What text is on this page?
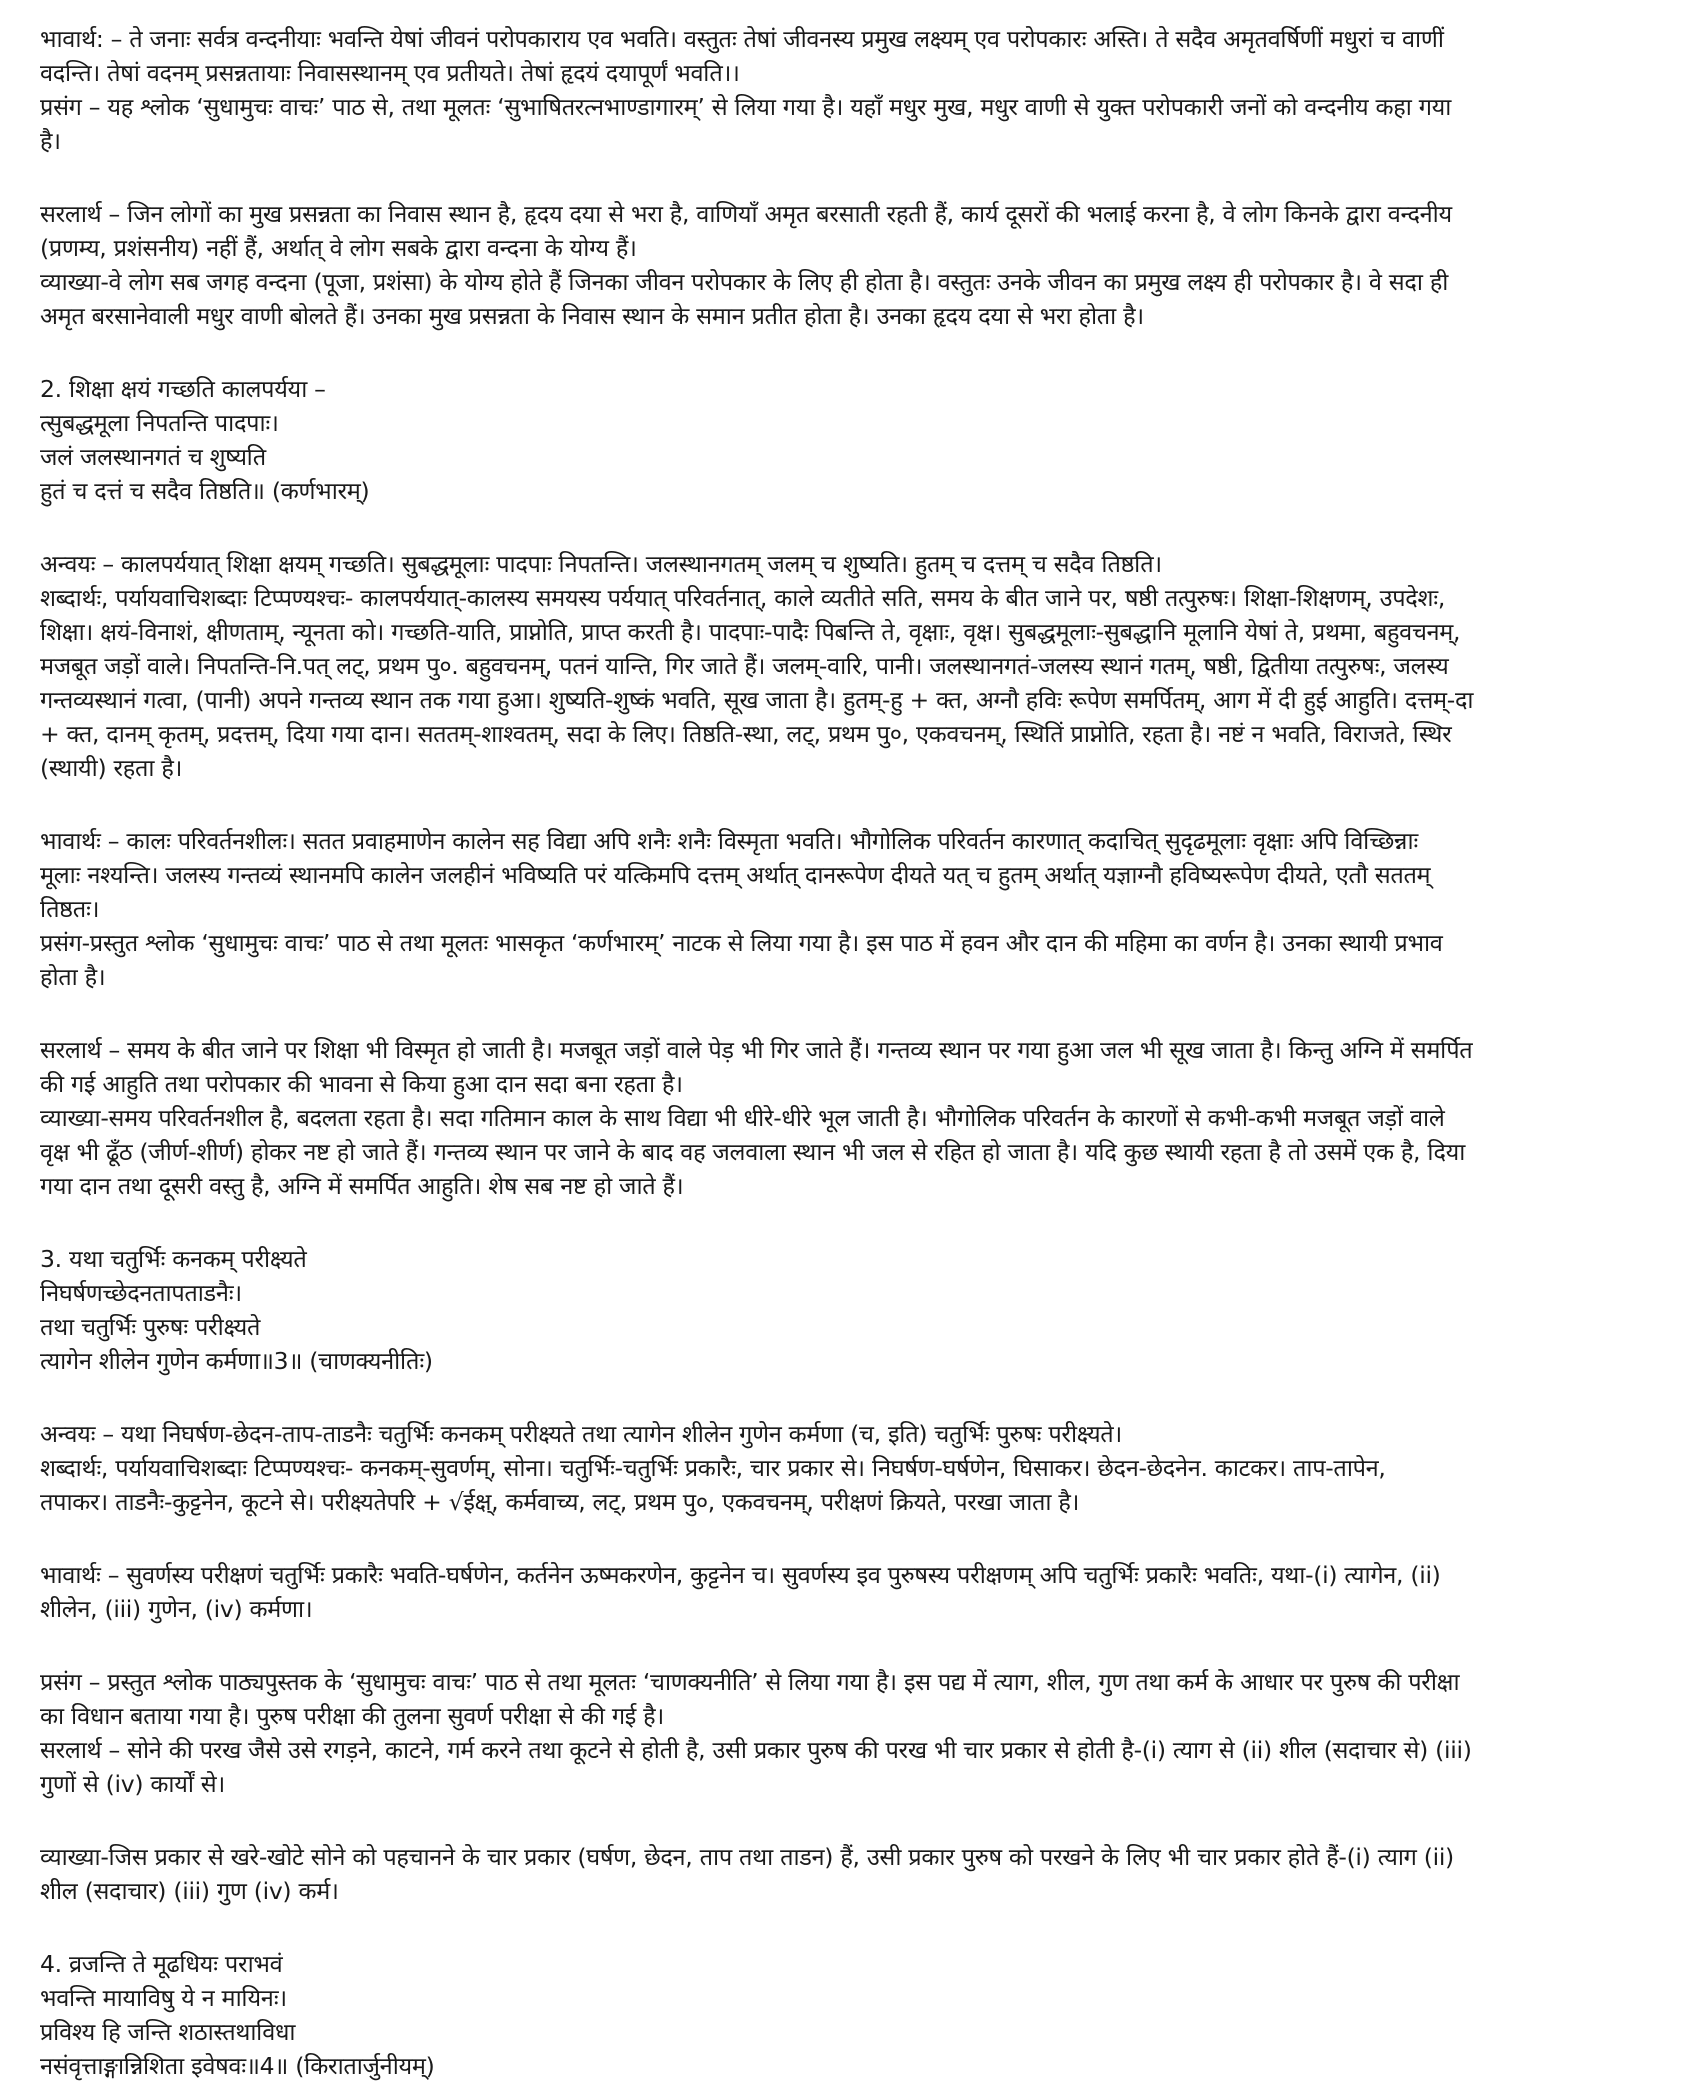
भावार्थ: – ते जनाः सर्वत्र वन्दनीयाः भवन्ति येषां जीवनं परोपकाराय एव भवति। वस्तुतः तेषां जीवनस्य प्रमुख लक्ष्यम् एव परोपकारः अस्ति। ते सदैव अमृतवर्षिणीं मधुरां च वाणीं
वदन्ति। तेषां वदनम् प्रसन्नतायाः निवासस्थानम् एव प्रतीयते। तेषां हृदयं दयापूर्णं भवति।।
प्रसंग – यह श्लोक ‘सुधामुचः वाचः’ पाठ से, तथा मूलतः ‘सुभाषितरत्नभाण्डागारम्’ से लिया गया है। यहाँ मधुर मुख, मधुर वाणी से युक्त परोपकारी जनों को वन्दनीय कहा गया
है।
सरलार्थ – जिन लोगों का मुख प्रसन्नता का निवास स्थान है, हृदय दया से भरा है, वाणियाँ अमृत बरसाती रहती हैं, कार्य दूसरों की भलाई करना है, वे लोग किनके द्वारा वन्दनीय
(प्रणम्य, प्रशंसनीय) नहीं हैं, अर्थात् वे लोग सबके द्वारा वन्दना के योग्य हैं।
व्याख्या-वे लोग सब जगह वन्दना (पूजा, प्रशंसा) के योग्य होते हैं जिनका जीवन परोपकार के लिए ही होता है। वस्तुतः उनके जीवन का प्रमुख लक्ष्य ही परोपकार है। वे सदा ही
अमृत बरसानेवाली मधुर वाणी बोलते हैं। उनका मुख प्रसन्नता के निवास स्थान के समान प्रतीत होता है। उनका हृदय दया से भरा होता है।
2. शिक्षा क्षयं गच्छति कालपर्यया –
त्सुबद्धमूला निपतन्ति पादपाः।
जलं जलस्थानगतं च शुष्यति
हुतं च दत्तं च सदैव तिष्ठति॥ (कर्णभारम्)
अन्वयः – कालपर्ययात् शिक्षा क्षयम् गच्छति। सुबद्धमूलाः पादपाः निपतन्ति। जलस्थानगतम् जलम् च शुष्यति। हुतम् च दत्तम् च सदैव तिष्ठति।
शब्दार्थः, पर्यायवाचिशब्दाः टिप्पण्यश्चः- कालपर्ययात्-कालस्य समयस्य पर्ययात् परिवर्तनात्, काले व्यतीते सति, समय के बीत जाने पर, षष्ठी तत्पुरुषः। शिक्षा-शिक्षणम्, उपदेशः,
शिक्षा। क्षयं-विनाशं, क्षीणताम्, न्यूनता को। गच्छति-याति, प्राप्नोति, प्राप्त करती है। पादपाः-पादैः पिबन्ति ते, वृक्षाः, वृक्ष। सुबद्धमूलाः-सुबद्धानि मूलानि येषां ते, प्रथमा, बहुवचनम्,
मजबूत जड़ों वाले। निपतन्ति-नि.पत् लट्, प्रथम पु०. बहुवचनम्, पतनं यान्ति, गिर जाते हैं। जलम्-वारि, पानी। जलस्थानगतं-जलस्य स्थानं गतम्, षष्ठी, द्वितीया तत्पुरुषः, जलस्य
गन्तव्यस्थानं गत्वा, (पानी) अपने गन्तव्य स्थान तक गया हुआ। शुष्यति-शुष्कं भवति, सूख जाता है। हुतम्-हु + क्त, अग्नौ हविः रूपेण समर्पितम्, आग में दी हुई आहुति। दत्तम्-दा
+ क्त, दानम् कृतम्, प्रदत्तम्, दिया गया दान। सततम्-शाश्वतम्, सदा के लिए। तिष्ठति-स्था, लट्, प्रथम पु०, एकवचनम्, स्थितिं प्राप्नोति, रहता है। नष्टं न भवति, विराजते, स्थिर
(स्थायी) रहता है।
भावार्थः – कालः परिवर्तनशीलः। सतत प्रवाहमाणेन कालेन सह विद्या अपि शनैः शनैः विस्मृता भवति। भौगोलिक परिवर्तन कारणात् कदाचित् सुदृढमूलाः वृक्षाः अपि विच्छिन्नाः
मूलाः नश्यन्ति। जलस्य गन्तव्यं स्थानमपि कालेन जलहीनं भविष्यति परं यत्किमपि दत्तम् अर्थात् दानरूपेण दीयते यत् च हुतम् अर्थात् यज्ञाग्नौ हविष्यरूपेण दीयते, एतौ सततम्
तिष्ठतः।
प्रसंग-प्रस्तुत श्लोक ‘सुधामुचः वाचः’ पाठ से तथा मूलतः भासकृत ‘कर्णभारम्’ नाटक से लिया गया है। इस पाठ में हवन और दान की महिमा का वर्णन है। उनका स्थायी प्रभाव
होता है।
सरलार्थ – समय के बीत जाने पर शिक्षा भी विस्मृत हो जाती है। मजबूत जड़ों वाले पेड़ भी गिर जाते हैं। गन्तव्य स्थान पर गया हुआ जल भी सूख जाता है। किन्तु अग्नि में समर्पित
की गई आहुति तथा परोपकार की भावना से किया हुआ दान सदा बना रहता है।
व्याख्या-समय परिवर्तनशील है, बदलता रहता है। सदा गतिमान काल के साथ विद्या भी धीरे-धीरे भूल जाती है। भौगोलिक परिवर्तन के कारणों से कभी-कभी मजबूत जड़ों वाले
वृक्ष भी ढूँठ (जीर्ण-शीर्ण) होकर नष्ट हो जाते हैं। गन्तव्य स्थान पर जाने के बाद वह जलवाला स्थान भी जल से रहित हो जाता है। यदि कुछ स्थायी रहता है तो उसमें एक है, दिया
गया दान तथा दूसरी वस्तु है, अग्नि में समर्पित आहुति। शेष सब नष्ट हो जाते हैं।
3. यथा चतुर्भिः कनकम् परीक्ष्यते
निघर्षणच्छेदनतापताडनैः।
तथा चतुर्भिः पुरुषः परीक्ष्यते
त्यागेन शीलेन गुणेन कर्मणा॥3॥ (चाणक्यनीतिः)
अन्वयः – यथा निघर्षण-छेदन-ताप-ताडनैः चतुर्भिः कनकम् परीक्ष्यते तथा त्यागेन शीलेन गुणेन कर्मणा (च, इति) चतुर्भिः पुरुषः परीक्ष्यते।
शब्दार्थः, पर्यायवाचिशब्दाः टिप्पण्यश्चः- कनकम्-सुवर्णम्, सोना। चतुर्भिः-चतुर्भिः प्रकारैः, चार प्रकार से। निघर्षण-घर्षणेन, घिसाकर। छेदन-छेदनेन. काटकर। ताप-तापेन,
तपाकर। ताडनैः-कुट्टनेन, कूटने से। परीक्ष्यतेपरि + √ईक्ष्, कर्मवाच्य, लट्, प्रथम पु०, एकवचनम्, परीक्षणं क्रियते, परखा जाता है।
भावार्थः – सुवर्णस्य परीक्षणं चतुर्भिः प्रकारैः भवति-घर्षणेन, कर्तनेन ऊष्मकरणेन, कुट्टनेन च। सुवर्णस्य इव पुरुषस्य परीक्षणम् अपि चतुर्भिः प्रकारैः भवतिः, यथा-(i) त्यागेन, (ii)
शीलेन, (iii) गुणेन, (iv) कर्मणा।
प्रसंग – प्रस्तुत श्लोक पाठ्यपुस्तक के ‘सुधामुचः वाचः’ पाठ से तथा मूलतः ‘चाणक्यनीति’ से लिया गया है। इस पद्य में त्याग, शील, गुण तथा कर्म के आधार पर पुरुष की परीक्षा
का विधान बताया गया है। पुरुष परीक्षा की तुलना सुवर्ण परीक्षा से की गई है।
सरलार्थ – सोने की परख जैसे उसे रगड़ने, काटने, गर्म करने तथा कूटने से होती है, उसी प्रकार पुरुष की परख भी चार प्रकार से होती है-(i) त्याग से (ii) शील (सदाचार से) (iii)
गुणों से (iv) कार्यों से।
व्याख्या-जिस प्रकार से खरे-खोटे सोने को पहचानने के चार प्रकार (घर्षण, छेदन, ताप तथा ताडन) हैं, उसी प्रकार पुरुष को परखने के लिए भी चार प्रकार होते हैं-(i) त्याग (ii)
शील (सदाचार) (iii) गुण (iv) कर्म।
4. व्रजन्ति ते मूढधियः पराभवं
भवन्ति मायाविषु ये न मायिनः।
प्रविश्य हि जन्ति शठास्तथाविधा
नसंवृत्ताङ्गान्निशिता इवेषवः॥4॥ (किरातार्जुनीयम्)
